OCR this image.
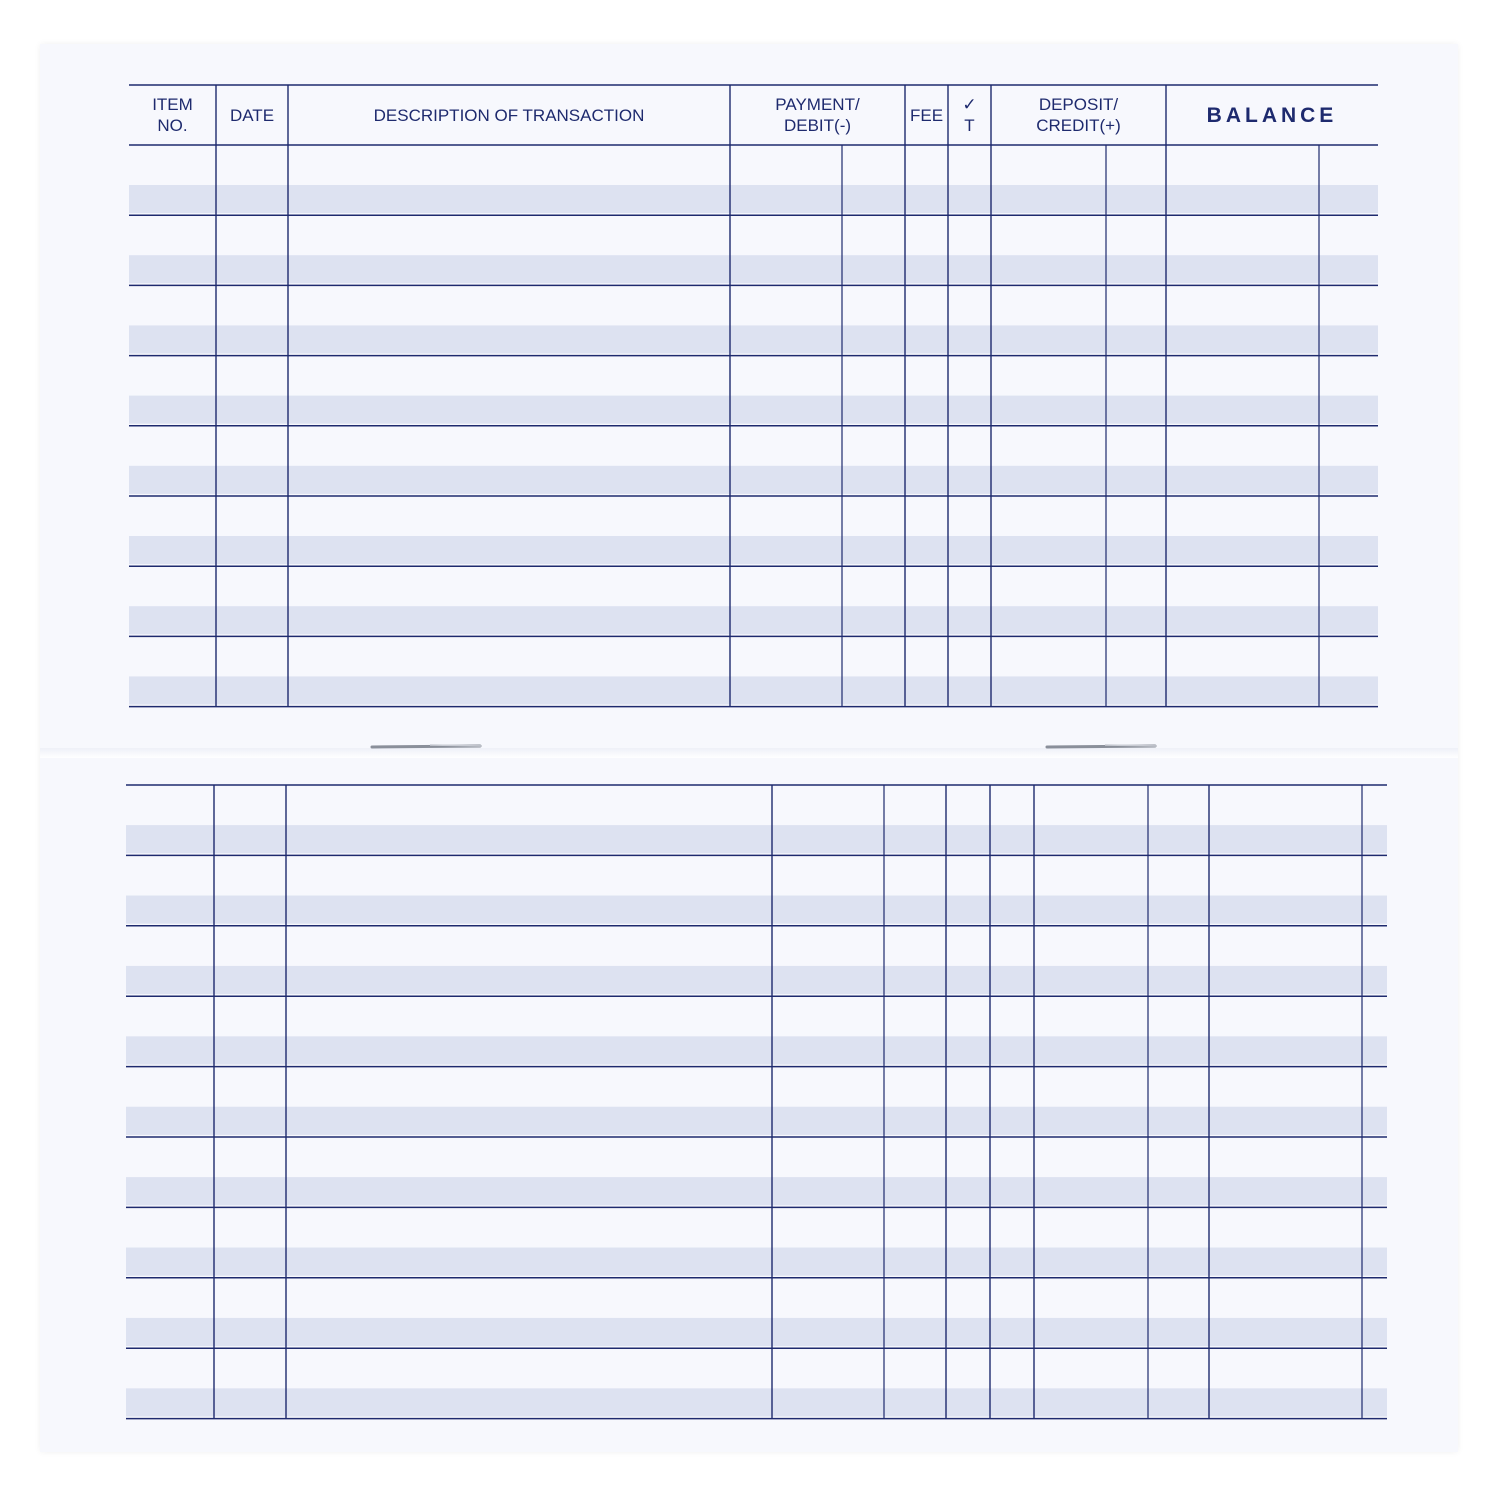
ITEM
NO.
DATE	DESCRIPTION OF TRANSACTION
PAYMENT/
DEBIT(-)
FEE
✓
T
DEPOSIT/
CREDIT(+)	BALANCE
